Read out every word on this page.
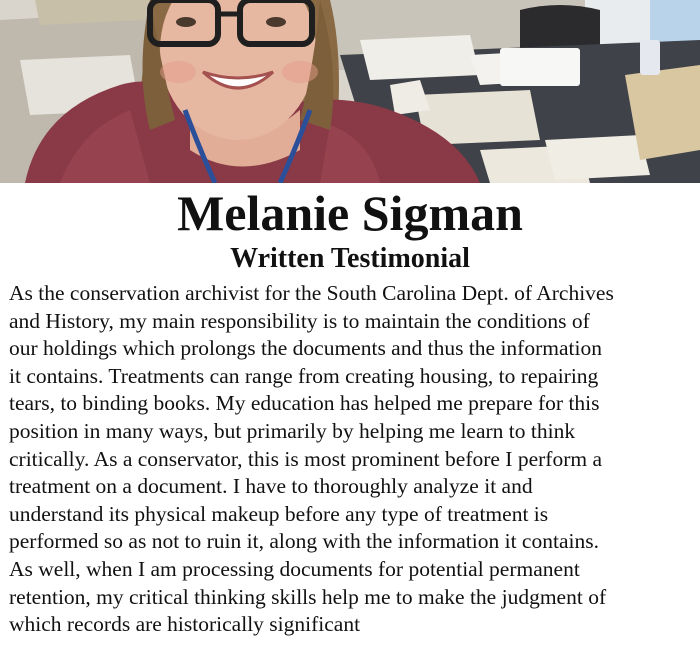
Melanie Sigman
Written Testimonial
As the conservation archivist for the South Carolina Dept. of Archives
and History, my main responsibility is to maintain the conditions of
our holdings which prolongs the documents and thus the information
it contains. Treatments can range from creating housing, to repairing
tears, to binding books. My education has helped me prepare for this
position in many ways, but primarily by helping me learn to think
critically. As a conservator, this is most prominent before I perform a
treatment on a document. I have to thoroughly analyze it and
understand its physical makeup before any type of treatment is
performed so as not to ruin it, along with the information it contains.
As well, when I am processing documents for potential permanent
retention, my critical thinking skills help me to make the judgment of
which records are historically significant
